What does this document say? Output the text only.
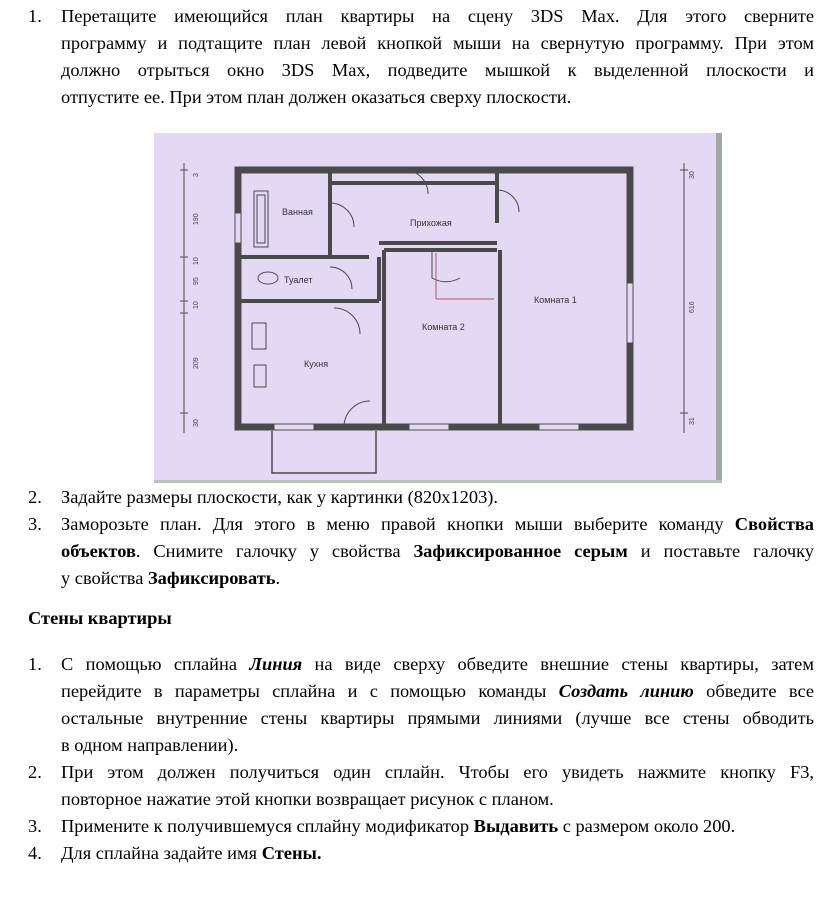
1.	Перетащите имеющийся план квартиры на сцену 3DS Max. Для этого сверните
программу и подтащите план левой кнопкой мыши на свернутую программу. При этом
должно отрыться окно 3DS Max, подведите мышкой к выделенной плоскости и
отпустите ее. При этом план должен оказаться сверху плоскости.
Ванная
Прихожая
Туалет
Комната 1
Комната 2
Кухня
3
190
10
95
10
209
30
30
616
31
2.	Задайте размеры плоскости, как у картинки (820х1203).
3.	Заморозьте план. Для этого в меню правой кнопки мыши выберите команду Свойства
объектов. Снимите галочку у свойства Зафиксированное серым и поставьте галочку
у свойства Зафиксировать.
Стены квартиры
1.	С помощью сплайна Линия на виде сверху обведите внешние стены квартиры, затем
перейдите в параметры сплайна и с помощью команды Создать линию обведите все
остальные внутренние стены квартиры прямыми линиями (лучше все стены обводить
в одном направлении).
2.	При этом должен получиться один сплайн. Чтобы его увидеть нажмите кнопку F3,
повторное нажатие этой кнопки возвращает рисунок с планом.
3.	Примените к получившемуся сплайну модификатор Выдавить с размером около 200.
4.	Для сплайна задайте имя Стены.
